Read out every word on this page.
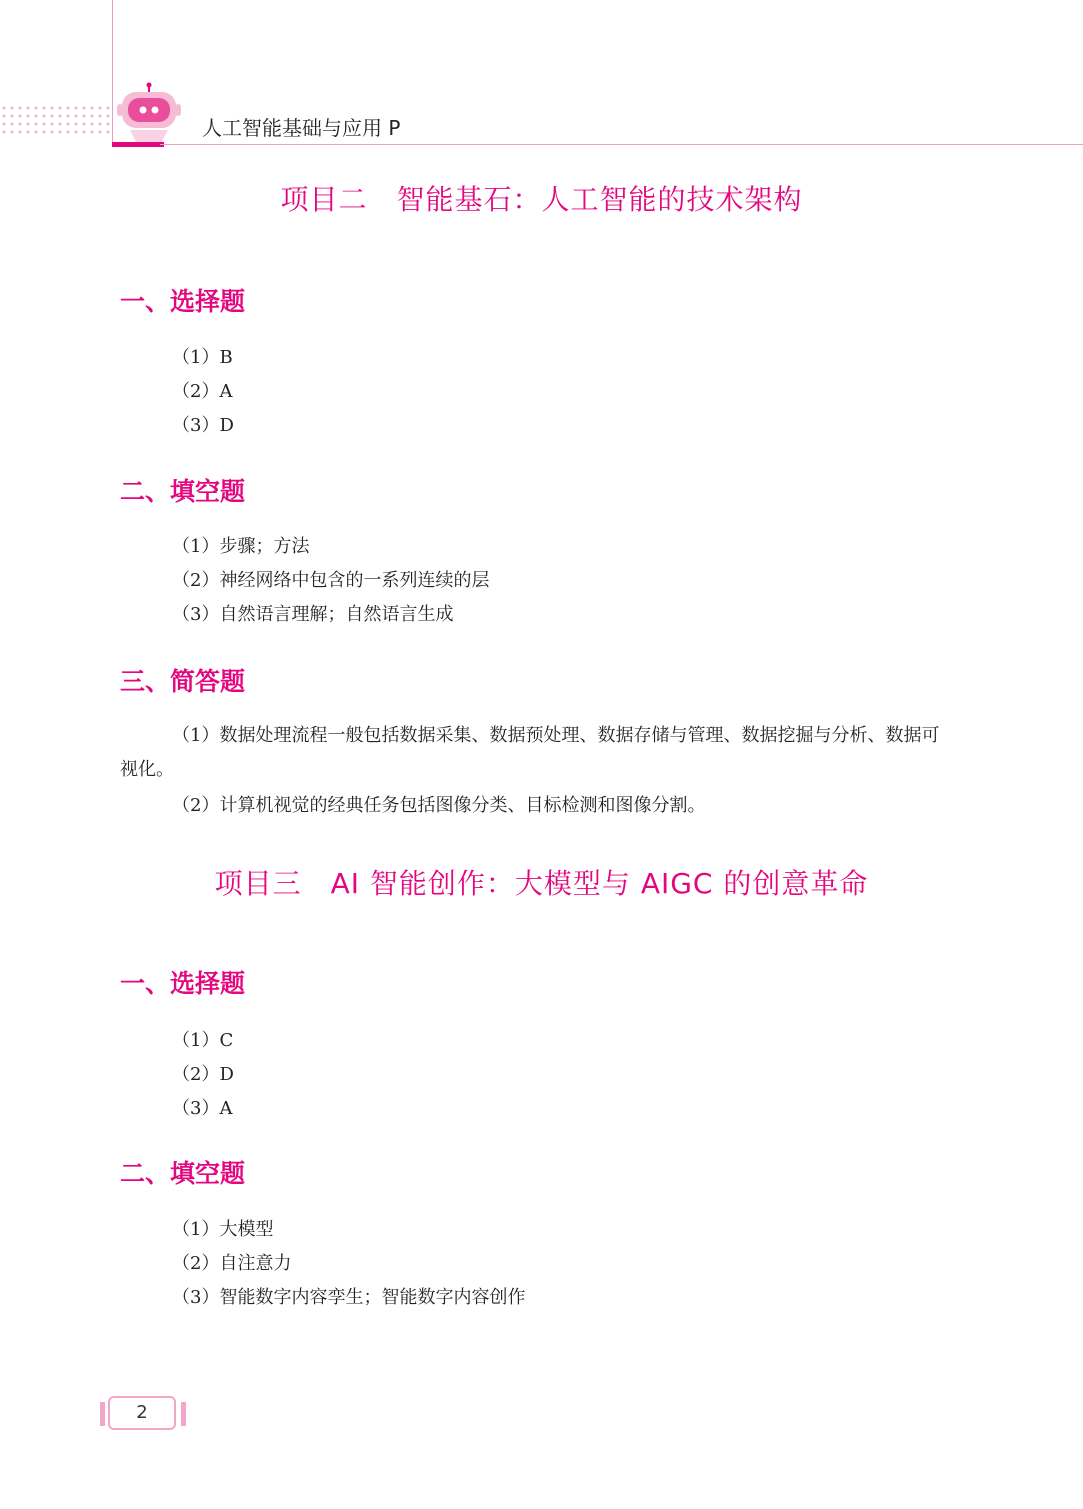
人工智能基础与应用 P
项目二　智能基石：人工智能的技术架构
一、选择题
（1）B
（2）A
（3）D
二、填空题
（1）步骤；方法
（2）神经网络中包含的一系列连续的层
（3）自然语言理解；自然语言生成
三、简答题
（1）数据处理流程一般包括数据采集、数据预处理、数据存储与管理、数据挖掘与分析、数据可视化。
（2）计算机视觉的经典任务包括图像分类、目标检测和图像分割。
项目三　AI 智能创作：大模型与 AIGC 的创意革命
一、选择题
（1）C
（2）D
（3）A
二、填空题
（1）大模型
（2）自注意力
（3）智能数字内容孪生；智能数字内容创作
2
